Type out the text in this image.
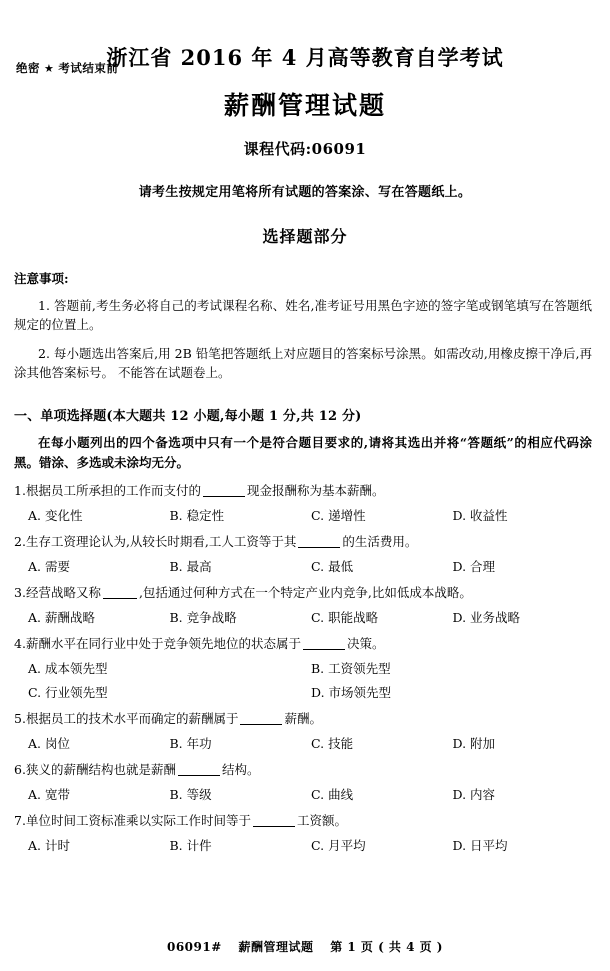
绝密 ★ 考试结束前
浙江省 2016 年 4 月高等教育自学考试
薪酬管理试题
课程代码:06091
请考生按规定用笔将所有试题的答案涂、写在答题纸上。
选择题部分
注意事项:
1. 答题前,考生务必将自己的考试课程名称、姓名,准考证号用黑色字迹的签字笔或钢笔填写在答题纸规定的位置上。
2. 每小题选出答案后,用 2B 铅笔把答题纸上对应题目的答案标号涂黑。如需改动,用橡皮擦干净后,再涂其他答案标号。 不能答在试题卷上。
一、单项选择题(本大题共 12 小题,每小题 1 分,共 12 分)
在每小题列出的四个备选项中只有一个是符合题目要求的,请将其选出并将“答题纸”的相应代码涂黑。错涂、多选或未涂均无分。
1.根据员工所承担的工作而支付的	现金报酬称为基本薪酬。
A. 变化性	B. 稳定性	C. 递增性	D. 收益性
2.生存工资理论认为,从较长时期看,工人工资等于其	的生活费用。
A. 需要	B. 最高	C. 最低	D. 合理
3.经营战略又称	,包括通过何种方式在一个特定产业内竞争,比如低成本战略。
A. 薪酬战略	B. 竞争战略	C. 职能战略	D. 业务战略
4.薪酬水平在同行业中处于竞争领先地位的状态属于	决策。
A. 成本领先型	B. 工资领先型
C. 行业领先型	D. 市场领先型
5.根据员工的技术水平而确定的薪酬属于	薪酬。
A. 岗位	B. 年功	C. 技能	D. 附加
6.狭义的薪酬结构也就是薪酬	结构。
A. 宽带	B. 等级	C. 曲线	D. 内容
7.单位时间工资标准乘以实际工作时间等于	工资额。
A. 计时	B. 计件	C. 月平均	D. 日平均
06091# 薪酬管理试题 第 1 页 ( 共 4 页 )
